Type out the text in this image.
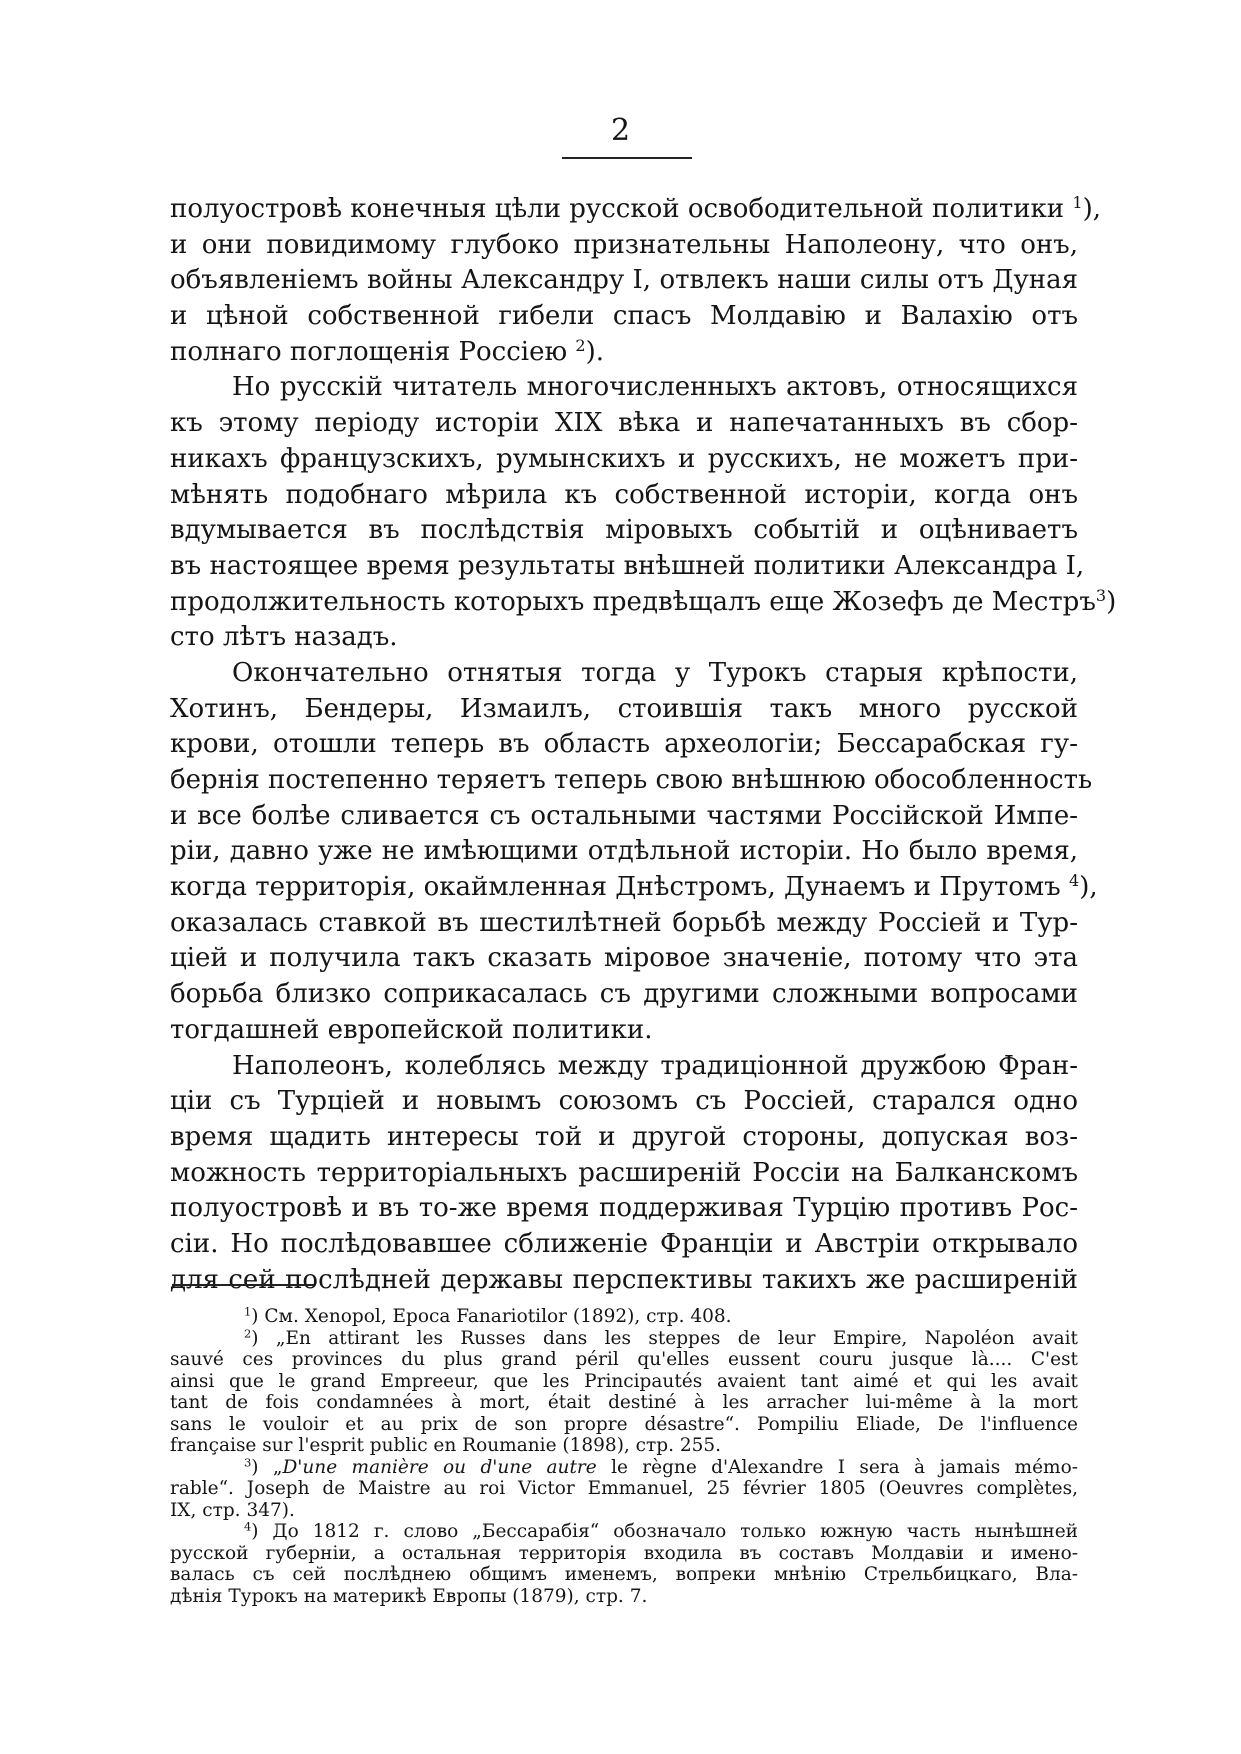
2
полуостровѣ конечныя цѣли русской освободительной политики $^1$),
и они повидимому глубоко признательны Наполеону, что онъ,
объявленіемъ войны Александру I, отвлекъ наши силы отъ Дуная
и цѣной собственной гибели спасъ Молдавію и Валахію отъ
полнаго поглощенія Россіею $^2$).
Но русскій читатель многочисленныхъ актовъ, относящихся
къ этому періоду исторіи XIX вѣка и напечатанныхъ въ сбор-
никахъ французскихъ, румынскихъ и русскихъ, не можетъ при-
мѣнять подобнаго мѣрила къ собственной исторіи, когда онъ
вдумывается въ послѣдствія міровыхъ событій и оцѣниваетъ
въ настоящее время результаты внѣшней политики Александра I,
продолжительность которыхъ предвѣщалъ еще Жозефъ де Местръ$^3$)
сто лѣтъ назадъ.
Окончательно отнятыя тогда у Турокъ старыя крѣпости,
Хотинъ, Бендеры, Измаилъ, стоившія такъ много русской
крови, отошли теперь въ область археологіи; Бессарабская гу-
бернія постепенно теряетъ теперь свою внѣшнюю обособленность
и все болѣе сливается съ остальными частями Россійской Импе-
ріи, давно уже не имѣющими отдѣльной исторіи. Но было время,
когда территорія, окаймленная Днѣстромъ, Дунаемъ и Прутомъ $^4$),
оказалась ставкой въ шестилѣтней борьбѣ между Россіей и Тур-
ціей и получила такъ сказать міровое значеніе, потому что эта
борьба близко соприкасалась съ другими сложными вопросами
тогдашней европейской политики.
Наполеонъ, колеблясь между традиціонной дружбою Фран-
ціи съ Турціей и новымъ союзомъ съ Россіей, старался одно
время щадить интересы той и другой стороны, допуская воз-
можность территоріальныхъ расширеній Россіи на Балканскомъ
полуостровѣ и въ то-же время поддерживая Турцію противъ Рос-
сіи. Но послѣдовавшее сближеніе Франціи и Австріи открывало
для сей послѣдней державы перспективы такихъ же расширеній
$^1$) См. Xenopol, Epoca Fanariotilor (1892), стр. 408.
$^2$) „En attirant les Russes dans les steppes de leur Empire, Napoléon avait
sauvé ces provinces du plus grand péril qu'elles eussent couru jusque là.... C'est
ainsi que le grand Empreeur, que les Principautés avaient tant aimé et qui les avait
tant de fois condamnées à mort, était destiné à les arracher lui-même à la mort
sans le vouloir et au prix de son propre désastre“. Pompiliu Eliade, De l'influence
française sur l'esprit public en Roumanie (1898), стр. 255.
$^3$) „D'une manière ou d'une autre le règne d'Alexandre I sera à jamais mémo-
rable“. Joseph de Maistre au roi Victor Emmanuel, 25 février 1805 (Oeuvres complètes,
IX, стр. 347).
$^4$) До 1812 г. слово „Бессарабія“ обозначало только южную часть нынѣшней
русской губерніи, а остальная территорія входила въ составъ Молдавіи и имено-
валась съ сей послѣднею общимъ именемъ, вопреки мнѣнію Стрельбицкаго, Вла-
дѣнія Турокъ на материкѣ Европы (1879), стр. 7.
